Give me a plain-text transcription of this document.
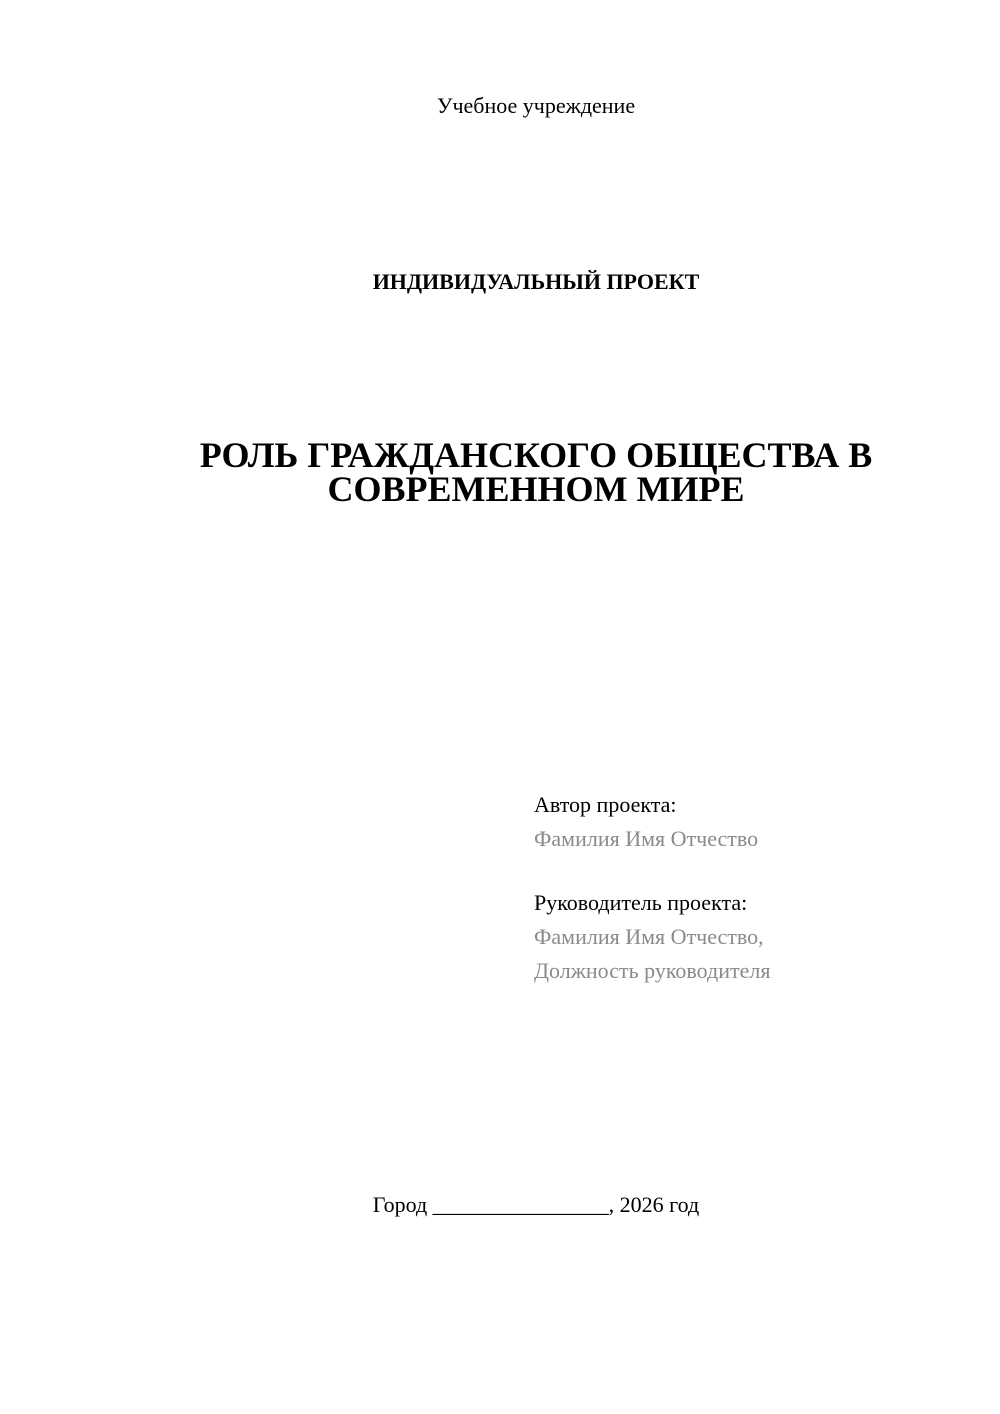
Учебное учреждение
ИНДИВИДУАЛЬНЫЙ ПРОЕКТ
РОЛЬ ГРАЖДАНСКОГО ОБЩЕСТВА В
СОВРЕМЕННОМ МИРЕ
Автор проекта:
Фамилия Имя Отчество
Руководитель проекта:
Фамилия Имя Отчество,
Должность руководителя
Город ________________, 2026 год
